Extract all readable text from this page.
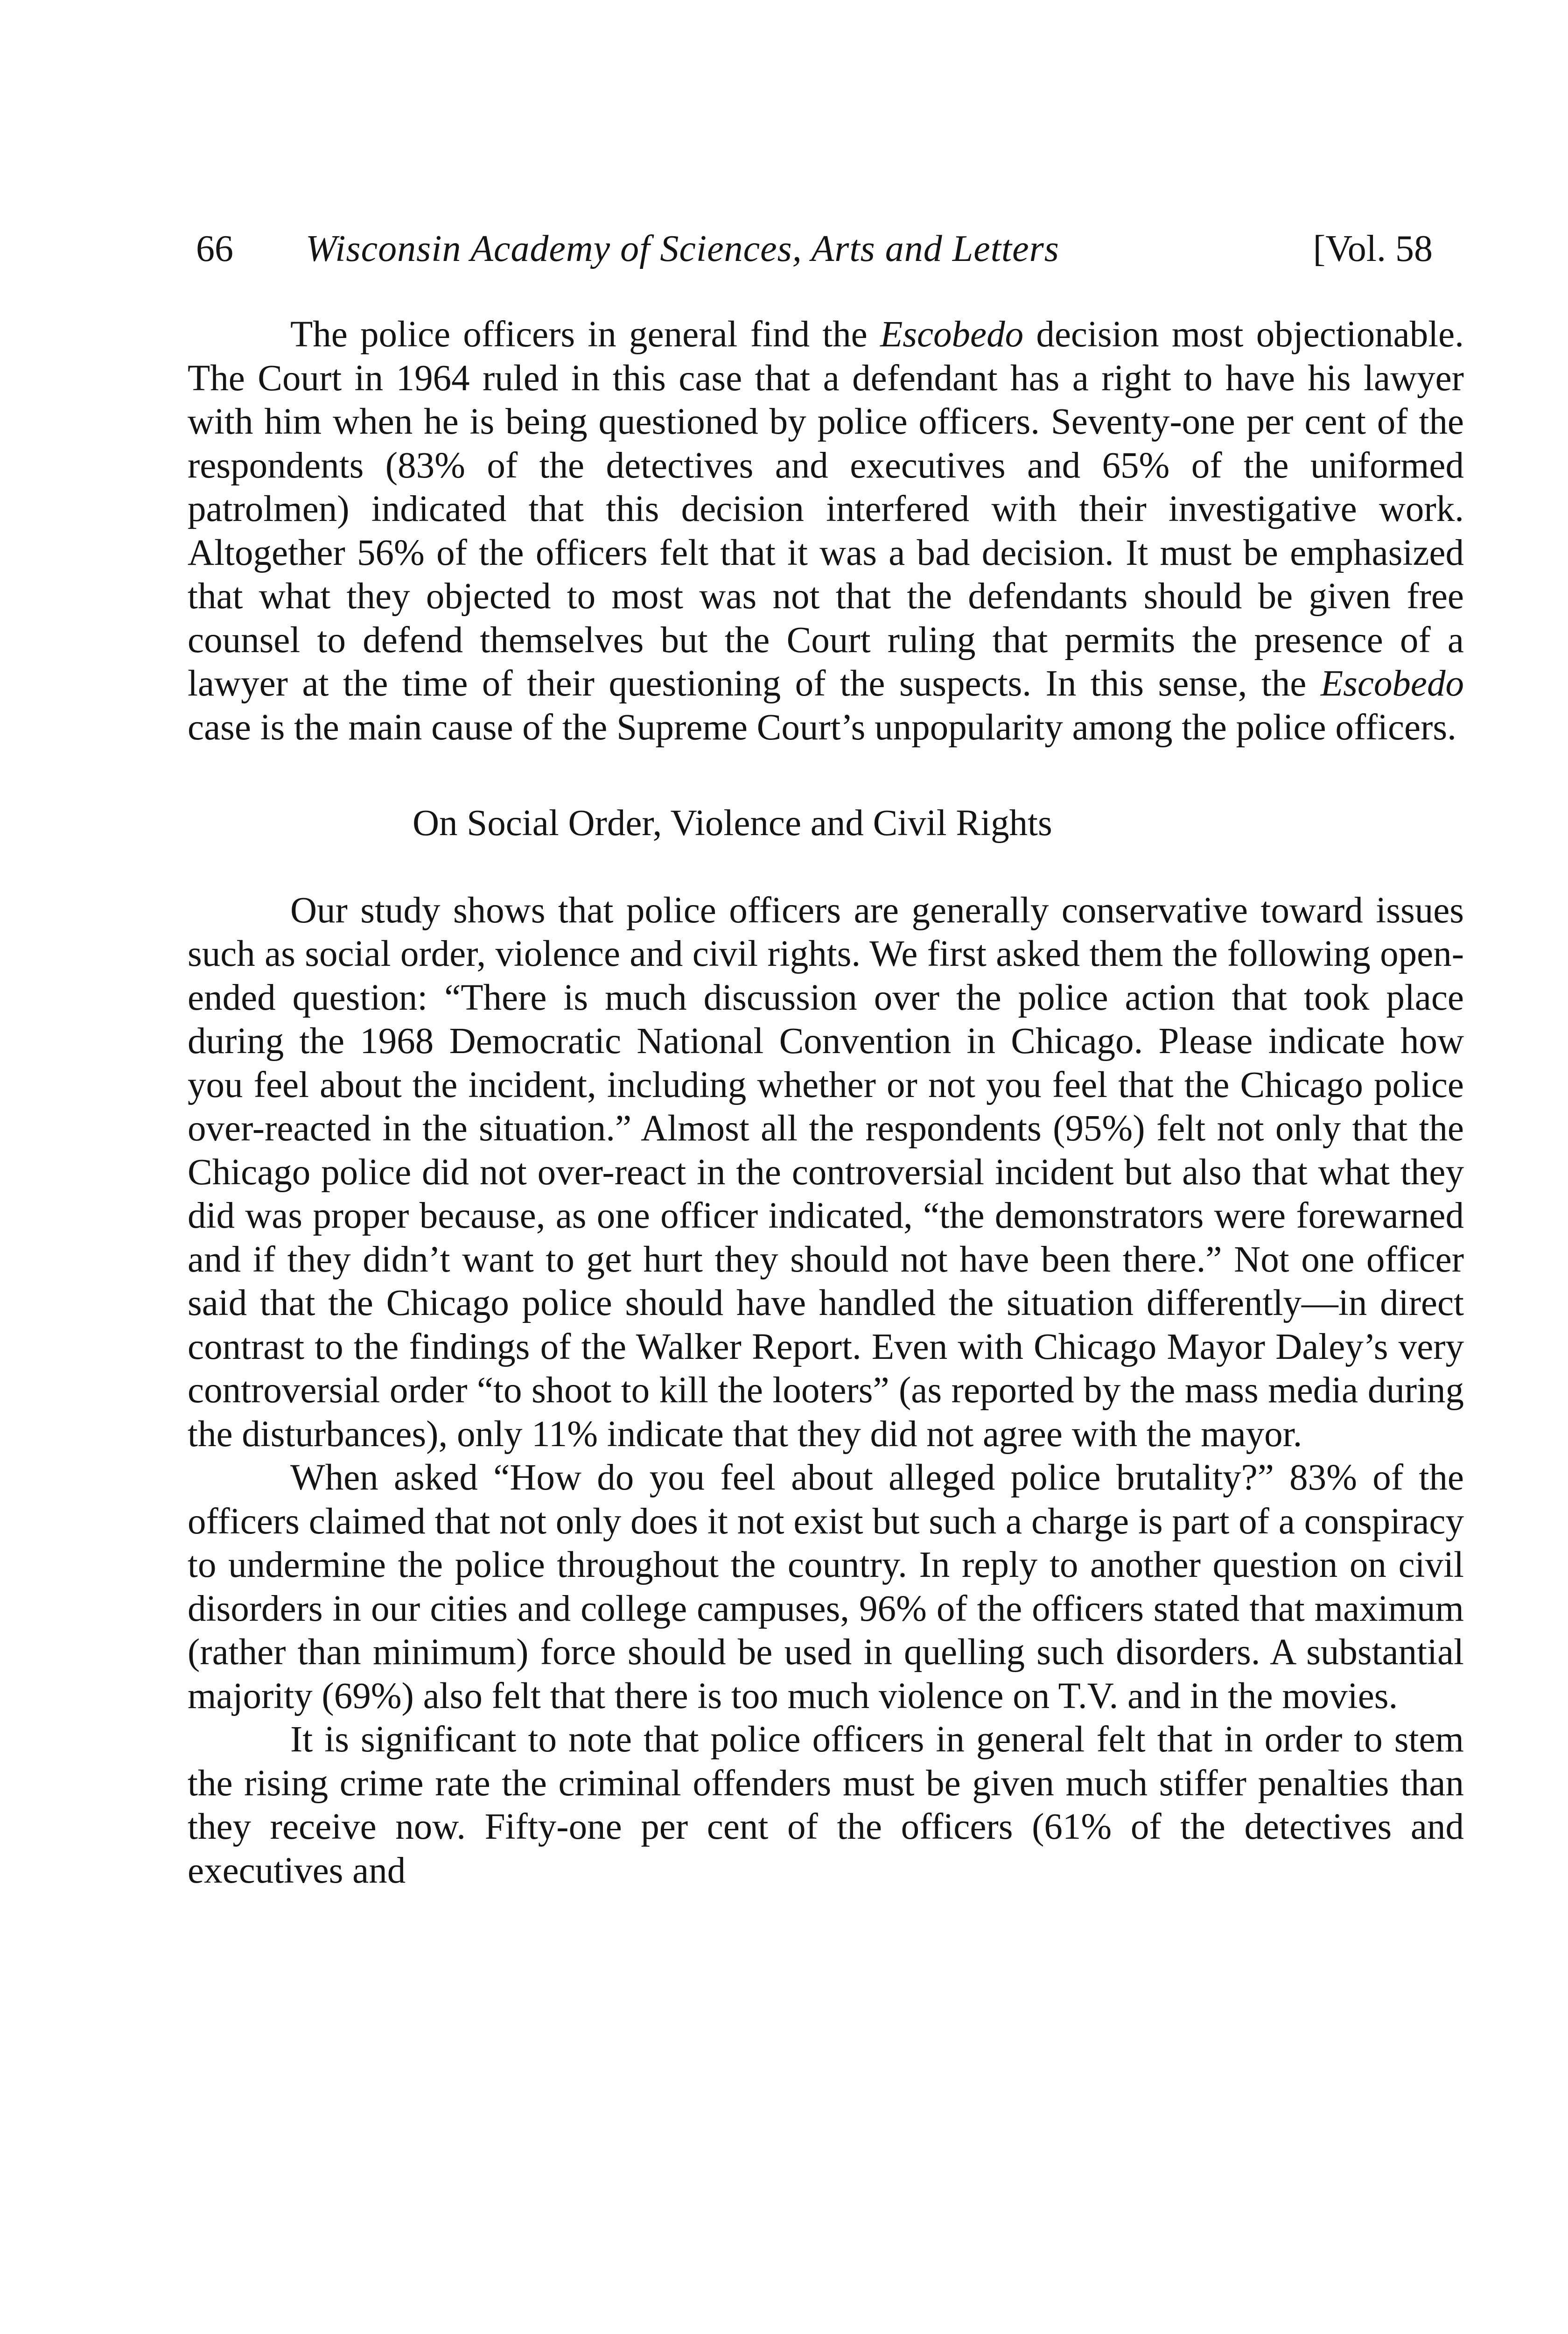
66 Wisconsin Academy of Sciences, Arts and Letters	[Vol. 58

The police officers in general find the Escobedo decision most objectionable. The Court in 1964 ruled in this case that a defendant has a right to have his lawyer with him when he is being questioned by police officers. Seventy-one per cent of the respondents (83% of the detectives and executives and 65% of the uniformed patrolmen) indicated that this decision interfered with their investigative work. Altogether 56% of the officers felt that it was a bad decision. It must be emphasized that what they objected to most was not that the defendants should be given free counsel to defend themselves but the Court ruling that permits the presence of a lawyer at the time of their questioning of the suspects. In this sense, the Escobedo case is the main cause of the Supreme Court’s unpopularity among the police officers.

On Social Order, Violence and Civil Rights

Our study shows that police officers are generally conservative toward issues such as social order, violence and civil rights. We first asked them the following open-ended question: “There is much discussion over the police action that took place during the 1968 Democratic National Convention in Chicago. Please indicate how you feel about the incident, including whether or not you feel that the Chicago police over-reacted in the situation.” Almost all the respondents (95%) felt not only that the Chicago police did not over-react in the controversial incident but also that what they did was proper because, as one officer indicated, “the demonstrators were forewarned and if they didn’t want to get hurt they should not have been there.” Not one officer said that the Chicago police should have handled the situation differently—in direct contrast to the findings of the Walker Report. Even with Chicago Mayor Daley’s very controversial order “to shoot to kill the looters” (as reported by the mass media during the disturbances), only 11% indicate that they did not agree with the mayor.

When asked “How do you feel about alleged police brutality?” 83% of the officers claimed that not only does it not exist but such a charge is part of a conspiracy to undermine the police throughout the country. In reply to another question on civil disorders in our cities and college campuses, 96% of the officers stated that maximum (rather than minimum) force should be used in quelling such disorders. A substantial majority (69%) also felt that there is too much violence on T.V. and in the movies.

It is significant to note that police officers in general felt that in order to stem the rising crime rate the criminal offenders must be given much stiffer penalties than they receive now. Fifty-one per cent of the officers (61% of the detectives and executives and
